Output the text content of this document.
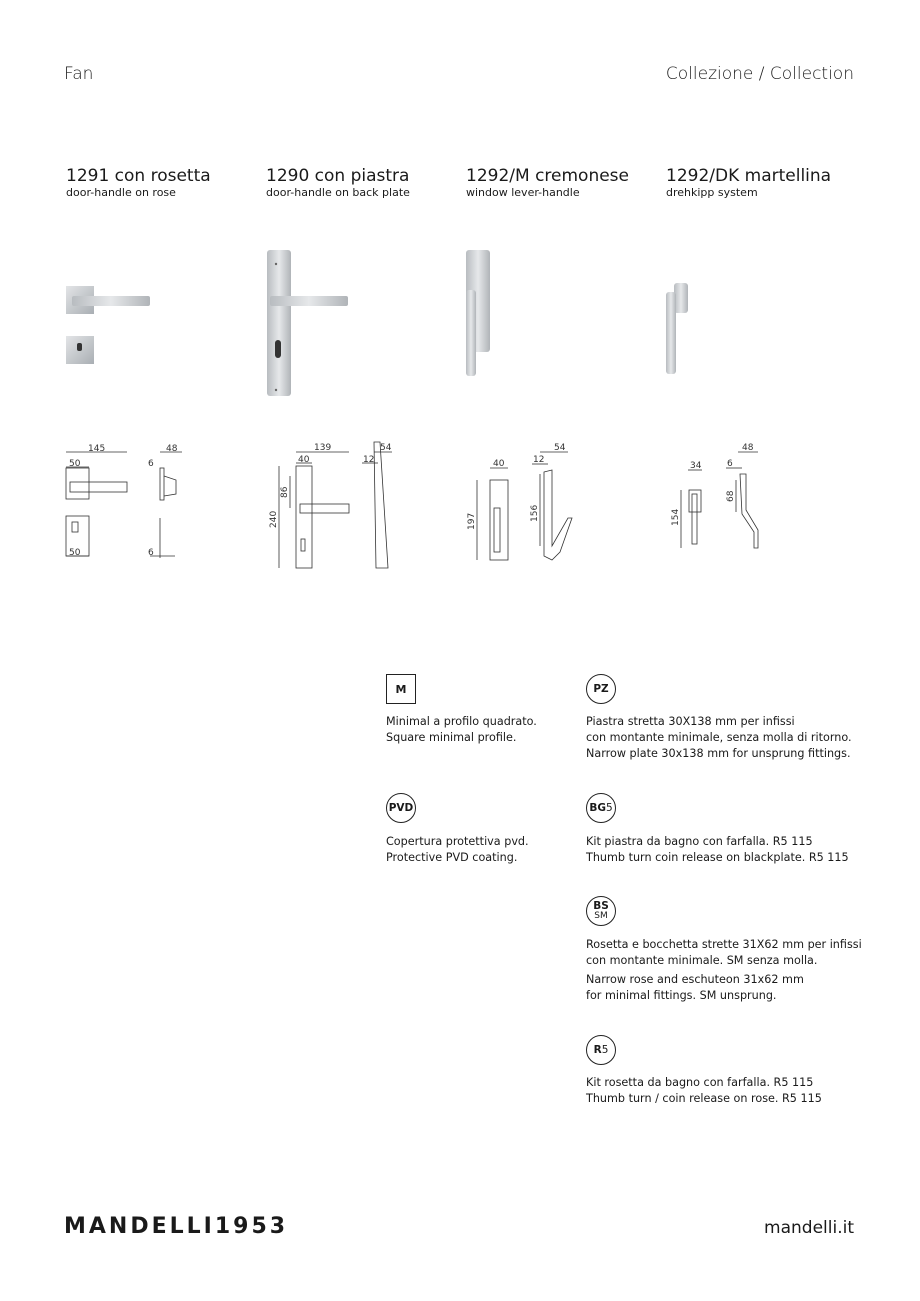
Fan	Collezione / Collection
1291 con rosetta
door-handle on rose
1290 con piastra
door-handle on back plate
1292/M cremonese
window lever-handle
1292/DK martellina
drehkipp system
145
50
48
6
50	6
139
40
240
86
54
12	40
197
54
12
156
34
154
48
6
68
M
Minimal a profilo quadrato.
Square minimal profile.
PZ
Piastra stretta 30X138 mm per infissi
con montante minimale, senza molla di ritorno.
Narrow plate 30x138 mm for unsprung fittings.
PVD
Copertura protettiva pvd.
Protective PVD coating.
BG 5
Kit piastra da bagno con farfalla. R5 115
Thumb turn coin release on blackplate. R5 115
BS
SM
Rosetta e bocchetta strette 31X62 mm per infissi
con montante minimale. SM senza molla.
Narrow rose and eschuteon 31x62 mm
for minimal fittings. SM unsprung.
R 5
Kit rosetta da bagno con farfalla. R5 115
Thumb turn / coin release on rose. R5 115
MANDELLI1953	mandelli.it
